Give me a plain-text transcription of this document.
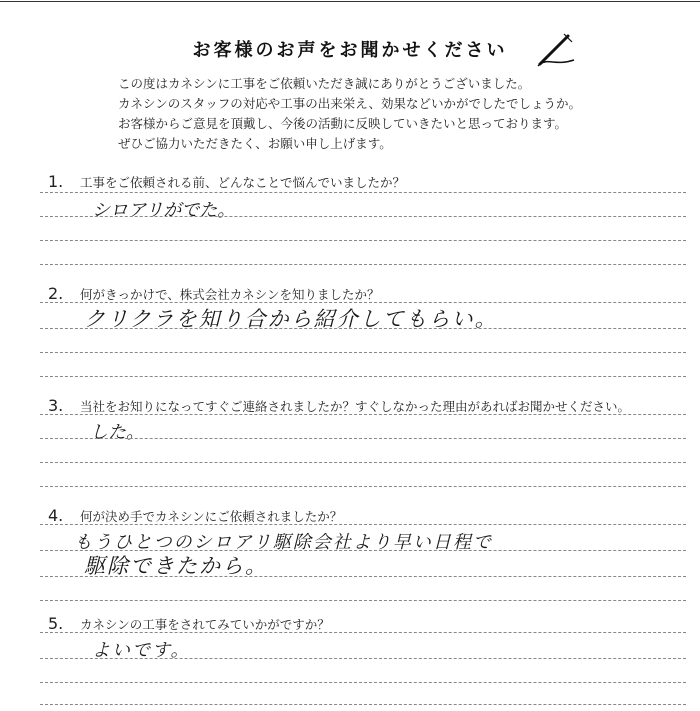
お客様のお声をお聞かせください

この度はカネシンに工事をご依頼いただき誠にありがとうございました。

カネシンのスタッフの対応や工事の出来栄え、効果などいかがでしたでしょうか。

お客様からご意見を頂戴し、今後の活動に反映していきたいと思っております。

ぜひご協力いただきたく、お願い申し上げます。

1. 工事をご依頼される前、どんなことで悩んでいましたか？
シロアリがでた。
2. 何がきっかけで、株式会社カネシンを知りましたか？
クリクラを知り合から紹介してもらい。
3. 当社をお知りになってすぐご連絡されましたか？すぐしなかった理由があればお聞かせください。
した。
4. 何が決め手でカネシンにご依頼されましたか？
もうひとつのシロアリ駆除会社より早い日程で
駆除できたから。
5. カネシンの工事をされてみていかがですか？
よいです。
